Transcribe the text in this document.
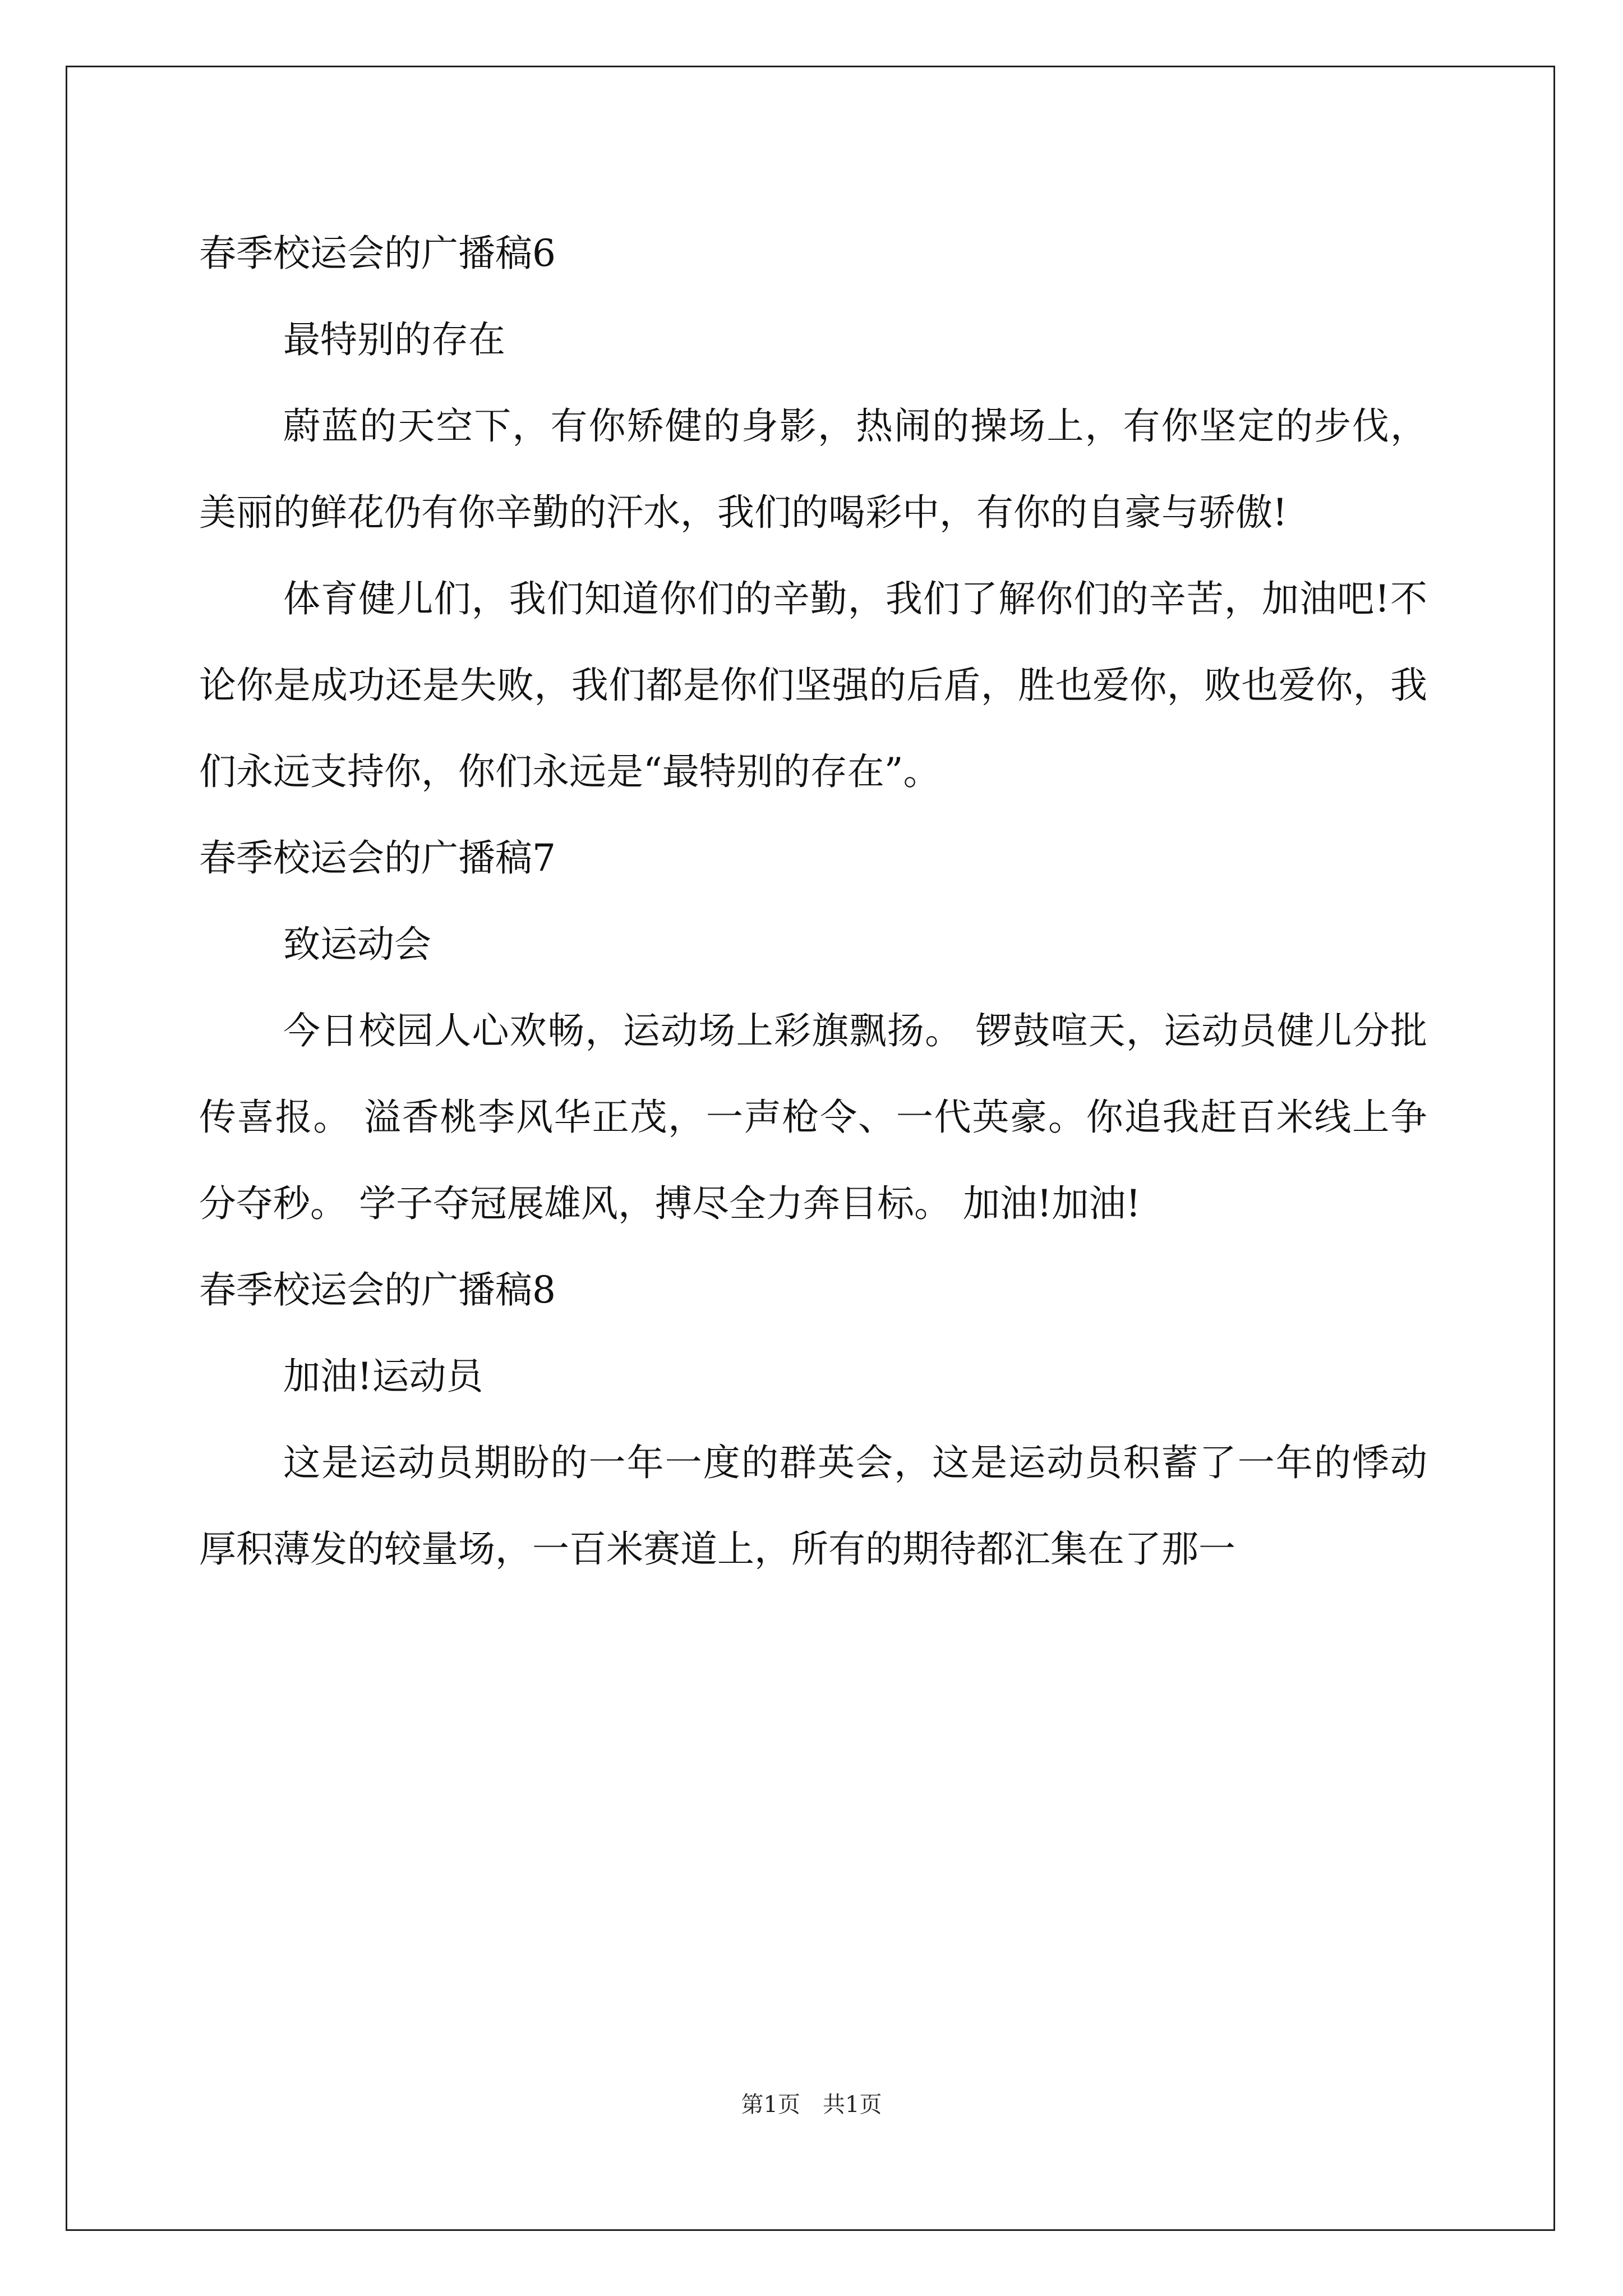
春季校运会的广播稿6
最特别的存在

蔚蓝的天空下，有你矫健的身影，热闹的操场上，有你坚定的步伐，美丽的鲜花仍有你辛勤的汗水，我们的喝彩中，有你的自豪与骄傲!

体育健儿们，我们知道你们的辛勤，我们了解你们的辛苦，加油吧!不论你是成功还是失败，我们都是你们坚强的后盾，胜也爱你，败也爱你，我们永远支持你，你们永远是“最特别的存在”。

春季校运会的广播稿7
致运动会

今日校园人心欢畅，运动场上彩旗飘扬。 锣鼓喧天，运动员健儿分批传喜报。 溢香桃李风华正茂，一声枪令、一代英豪。你追我赶百米线上争分夺秒。 学子夺冠展雄风，搏尽全力奔目标。 加油!加油!

春季校运会的广播稿8
加油!运动员

这是运动员期盼的一年一度的群英会，这是运动员积蓄了一年的悸动厚积薄发的较量场，一百米赛道上，所有的期待都汇集在了那一

第1页　共1页
